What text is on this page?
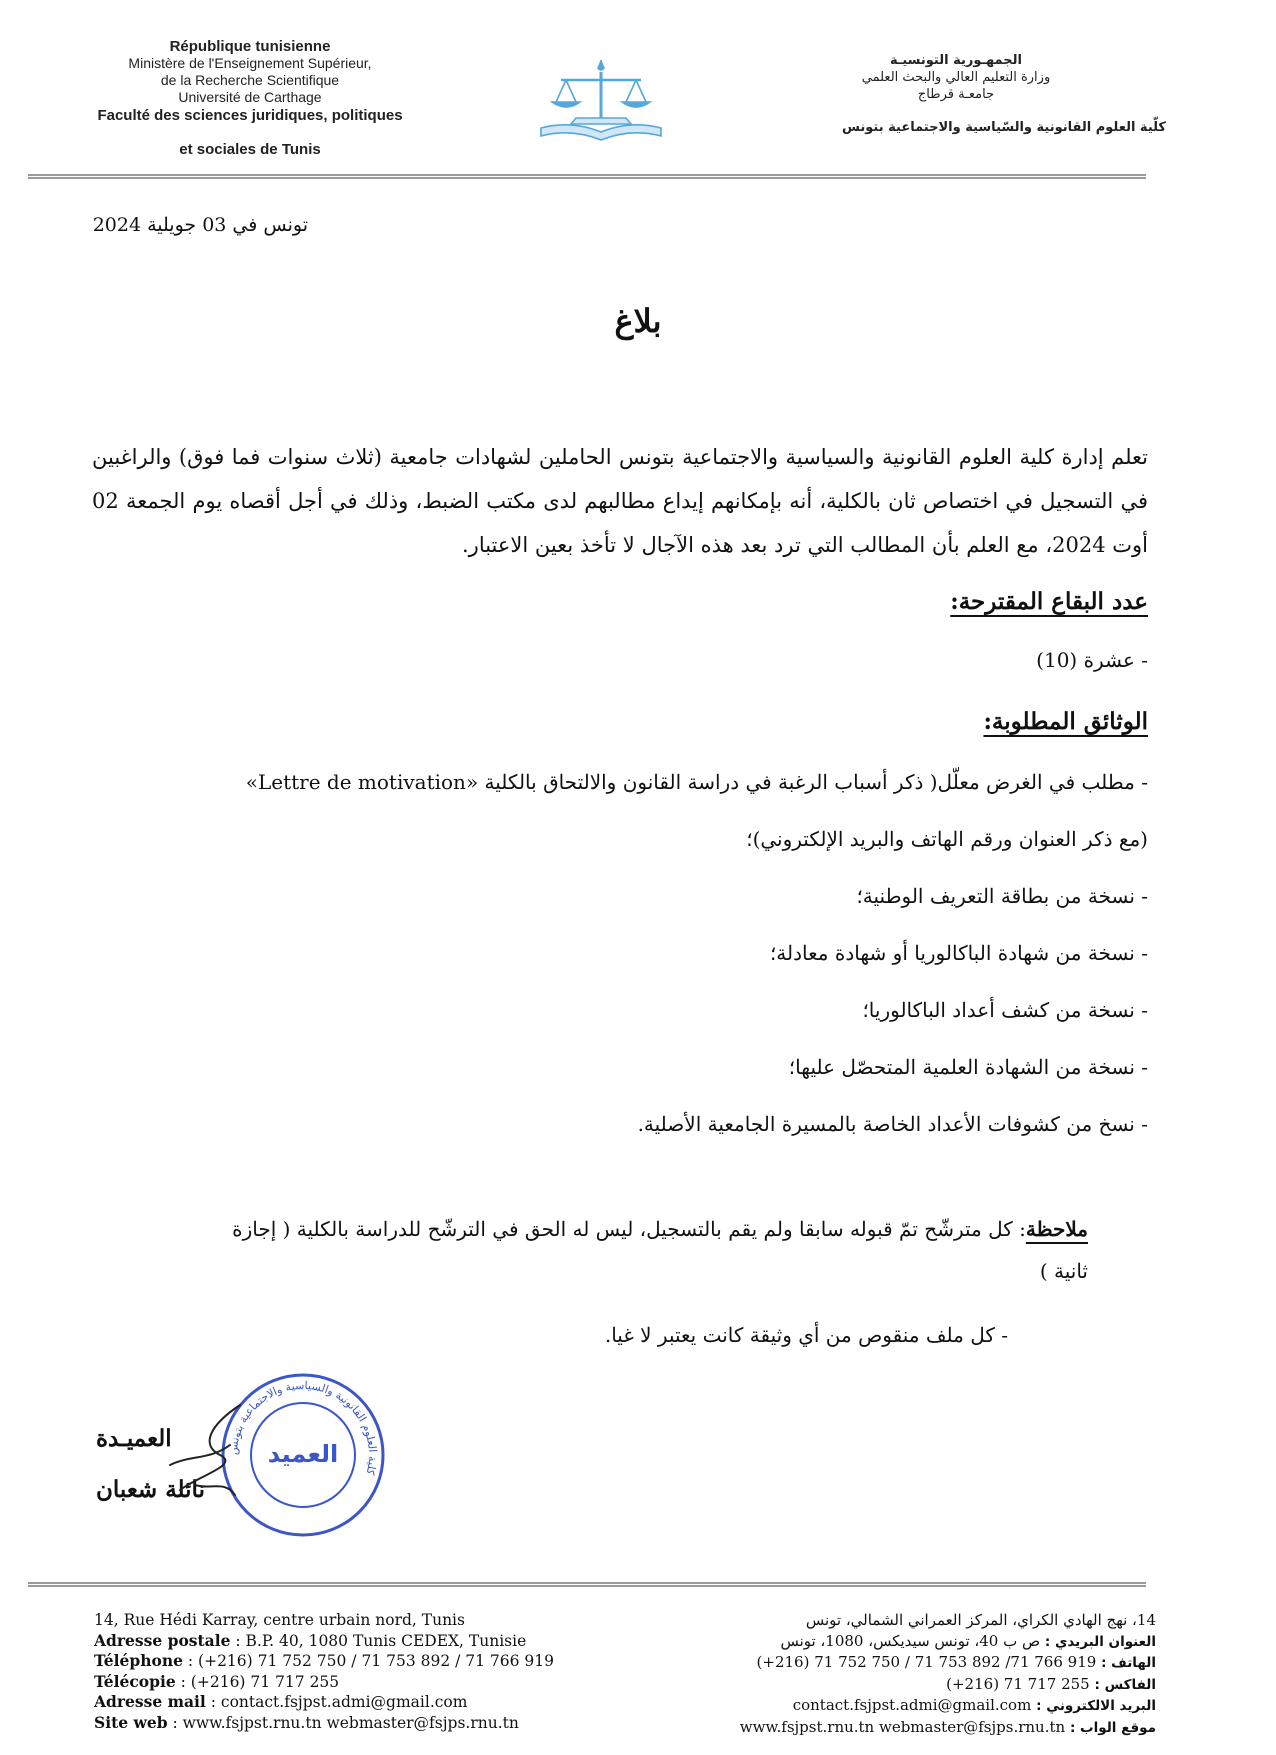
République tunisienne
Ministère de l'Enseignement Supérieur,
de la Recherche Scientifique
Université de Carthage
Faculté des sciences juridiques, politiques
et sociales de Tunis
الجمهـورية التونسيـة
وزارة التعليم العالي والبحث العلمي
جامعـة قرطاج
كلّية العلوم القانونية والسّياسية والاجتماعية بتونس
تونس في 03 جويلية 2024
بلاغ
تعلم إدارة كلية العلوم القانونية والسياسية والاجتماعية بتونس الحاملين لشهادات جامعية (ثلاث سنوات فما فوق) والراغبين في التسجيل في اختصاص ثان بالكلية، أنه بإمكانهم إيداع مطالبهم لدى مكتب الضبط، وذلك في أجل أقصاه يوم الجمعة 02 أوت 2024، مع العلم بأن المطالب التي ترد بعد هذه الآجال لا تأخذ بعين الاعتبار.
عدد البقاع المقترحة:
- عشرة (10)
الوثائق المطلوبة:
- مطلب في الغرض معلّل( ذكر أسباب الرغبة في دراسة القانون والالتحاق بالكلية «Lettre de motivation»
(مع ذكر العنوان ورقم الهاتف والبريد الإلكتروني)؛
- نسخة من بطاقة التعريف الوطنية؛
- نسخة من شهادة الباكالوريا أو شهادة معادلة؛
- نسخة من كشف أعداد الباكالوريا؛
- نسخة من الشهادة العلمية المتحصّل عليها؛
- نسخ من كشوفات الأعداد الخاصة بالمسيرة الجامعية الأصلية.
ملاحظة: كل مترشّح تمّ قبوله سابقا ولم يقم بالتسجيل، ليس له الحق في الترشّح للدراسة بالكلية ( إجازة ثانية )
- كل ملف منقوص من أي وثيقة كانت يعتبر لا غيا.
العميـدة
نائلة شعبان
العميد
كلية العلوم القانونية والسياسية والاجتماعية بتونس
14, Rue Hédi Karray, centre urbain nord, Tunis
Adresse postale : B.P. 40, 1080 Tunis CEDEX, Tunisie
Téléphone : (+216) 71 752 750 / 71 753 892 / 71 766 919
Télécopie : (+216) 71 717 255
Adresse mail : contact.fsjpst.admi@gmail.com
Site web : www.fsjpst.rnu.tn webmaster@fsjps.rnu.tn
14، نهج الهادي الكراي، المركز العمراني الشمالي، تونس
العنوان البريدي : ص ب 40، تونس سيديكس، 1080، تونس
الهاتف : (+216) 71 752 750 / 71 753 892 /71 766 919
الفاكس : (+216) 71 717 255
البريد الالكتروني : contact.fsjpst.admi@gmail.com
موقع الواب : www.fsjpst.rnu.tn webmaster@fsjps.rnu.tn
